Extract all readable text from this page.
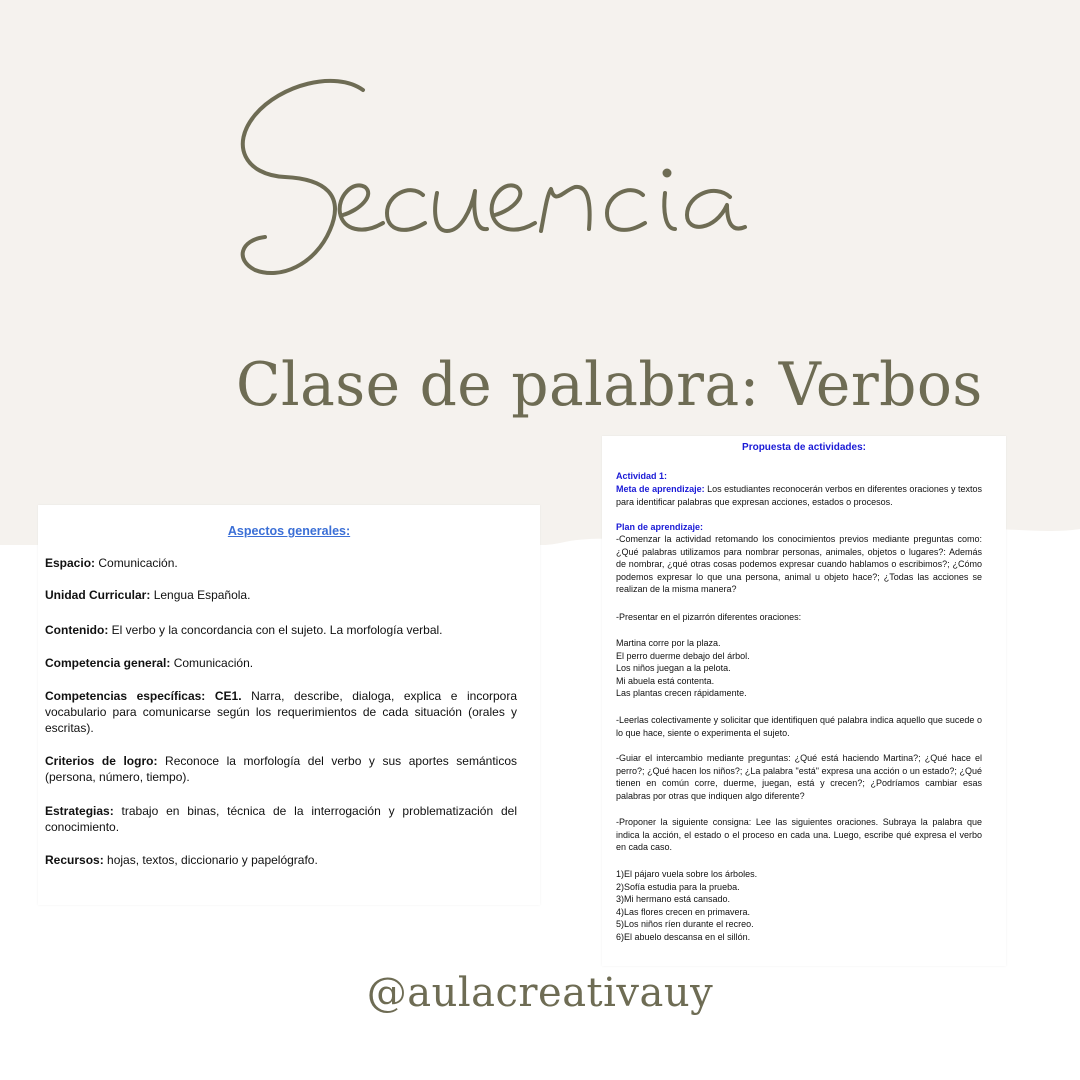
Clase de palabra: Verbos
Aspectos generales:
Espacio: Comunicación.
Unidad Curricular: Lengua Española.
Contenido: El verbo y la concordancia con el sujeto. La morfología verbal.
Competencia general: Comunicación.
Competencias específicas: CE1. Narra, describe, dialoga, explica e incorpora vocabulario para comunicarse según los requerimientos de cada situación (orales y escritas).
Criterios de logro: Reconoce la morfología del verbo y sus aportes semánticos (persona, número, tiempo).
Estrategias: trabajo en binas, técnica de la interrogación y problematización del conocimiento.
Recursos: hojas, textos, diccionario y papelógrafo.
Propuesta de actividades:
Actividad 1:
Meta de aprendizaje: Los estudiantes reconocerán verbos en diferentes oraciones y textos para identificar palabras que expresan acciones, estados o procesos.
Plan de aprendizaje:
-Comenzar la actividad retomando los conocimientos previos mediante preguntas como: ¿Qué palabras utilizamos para nombrar personas, animales, objetos o lugares?: Además de nombrar, ¿qué otras cosas podemos expresar cuando hablamos o escribimos?; ¿Cómo podemos expresar lo que una persona, animal u objeto hace?; ¿Todas las acciones se realizan de la misma manera?
-Presentar en el pizarrón diferentes oraciones:
Martina corre por la plaza.
El perro duerme debajo del árbol.
Los niños juegan a la pelota.
Mi abuela está contenta.
Las plantas crecen rápidamente.
-Leerlas colectivamente y solicitar que identifiquen qué palabra indica aquello que sucede o lo que hace, siente o experimenta el sujeto.
-Guiar el intercambio mediante preguntas: ¿Qué está haciendo Martina?; ¿Qué hace el perro?; ¿Qué hacen los niños?; ¿La palabra "está" expresa una acción o un estado?; ¿Qué tienen en común corre, duerme, juegan, está y crecen?; ¿Podríamos cambiar esas palabras por otras que indiquen algo diferente?
-Proponer la siguiente consigna: Lee las siguientes oraciones. Subraya la palabra que indica la acción, el estado o el proceso en cada una. Luego, escribe qué expresa el verbo en cada caso.
1)El pájaro vuela sobre los árboles.
2)Sofía estudia para la prueba.
3)Mi hermano está cansado.
4)Las flores crecen en primavera.
5)Los niños ríen durante el recreo.
6)El abuelo descansa en el sillón.
@aulacreativauy
